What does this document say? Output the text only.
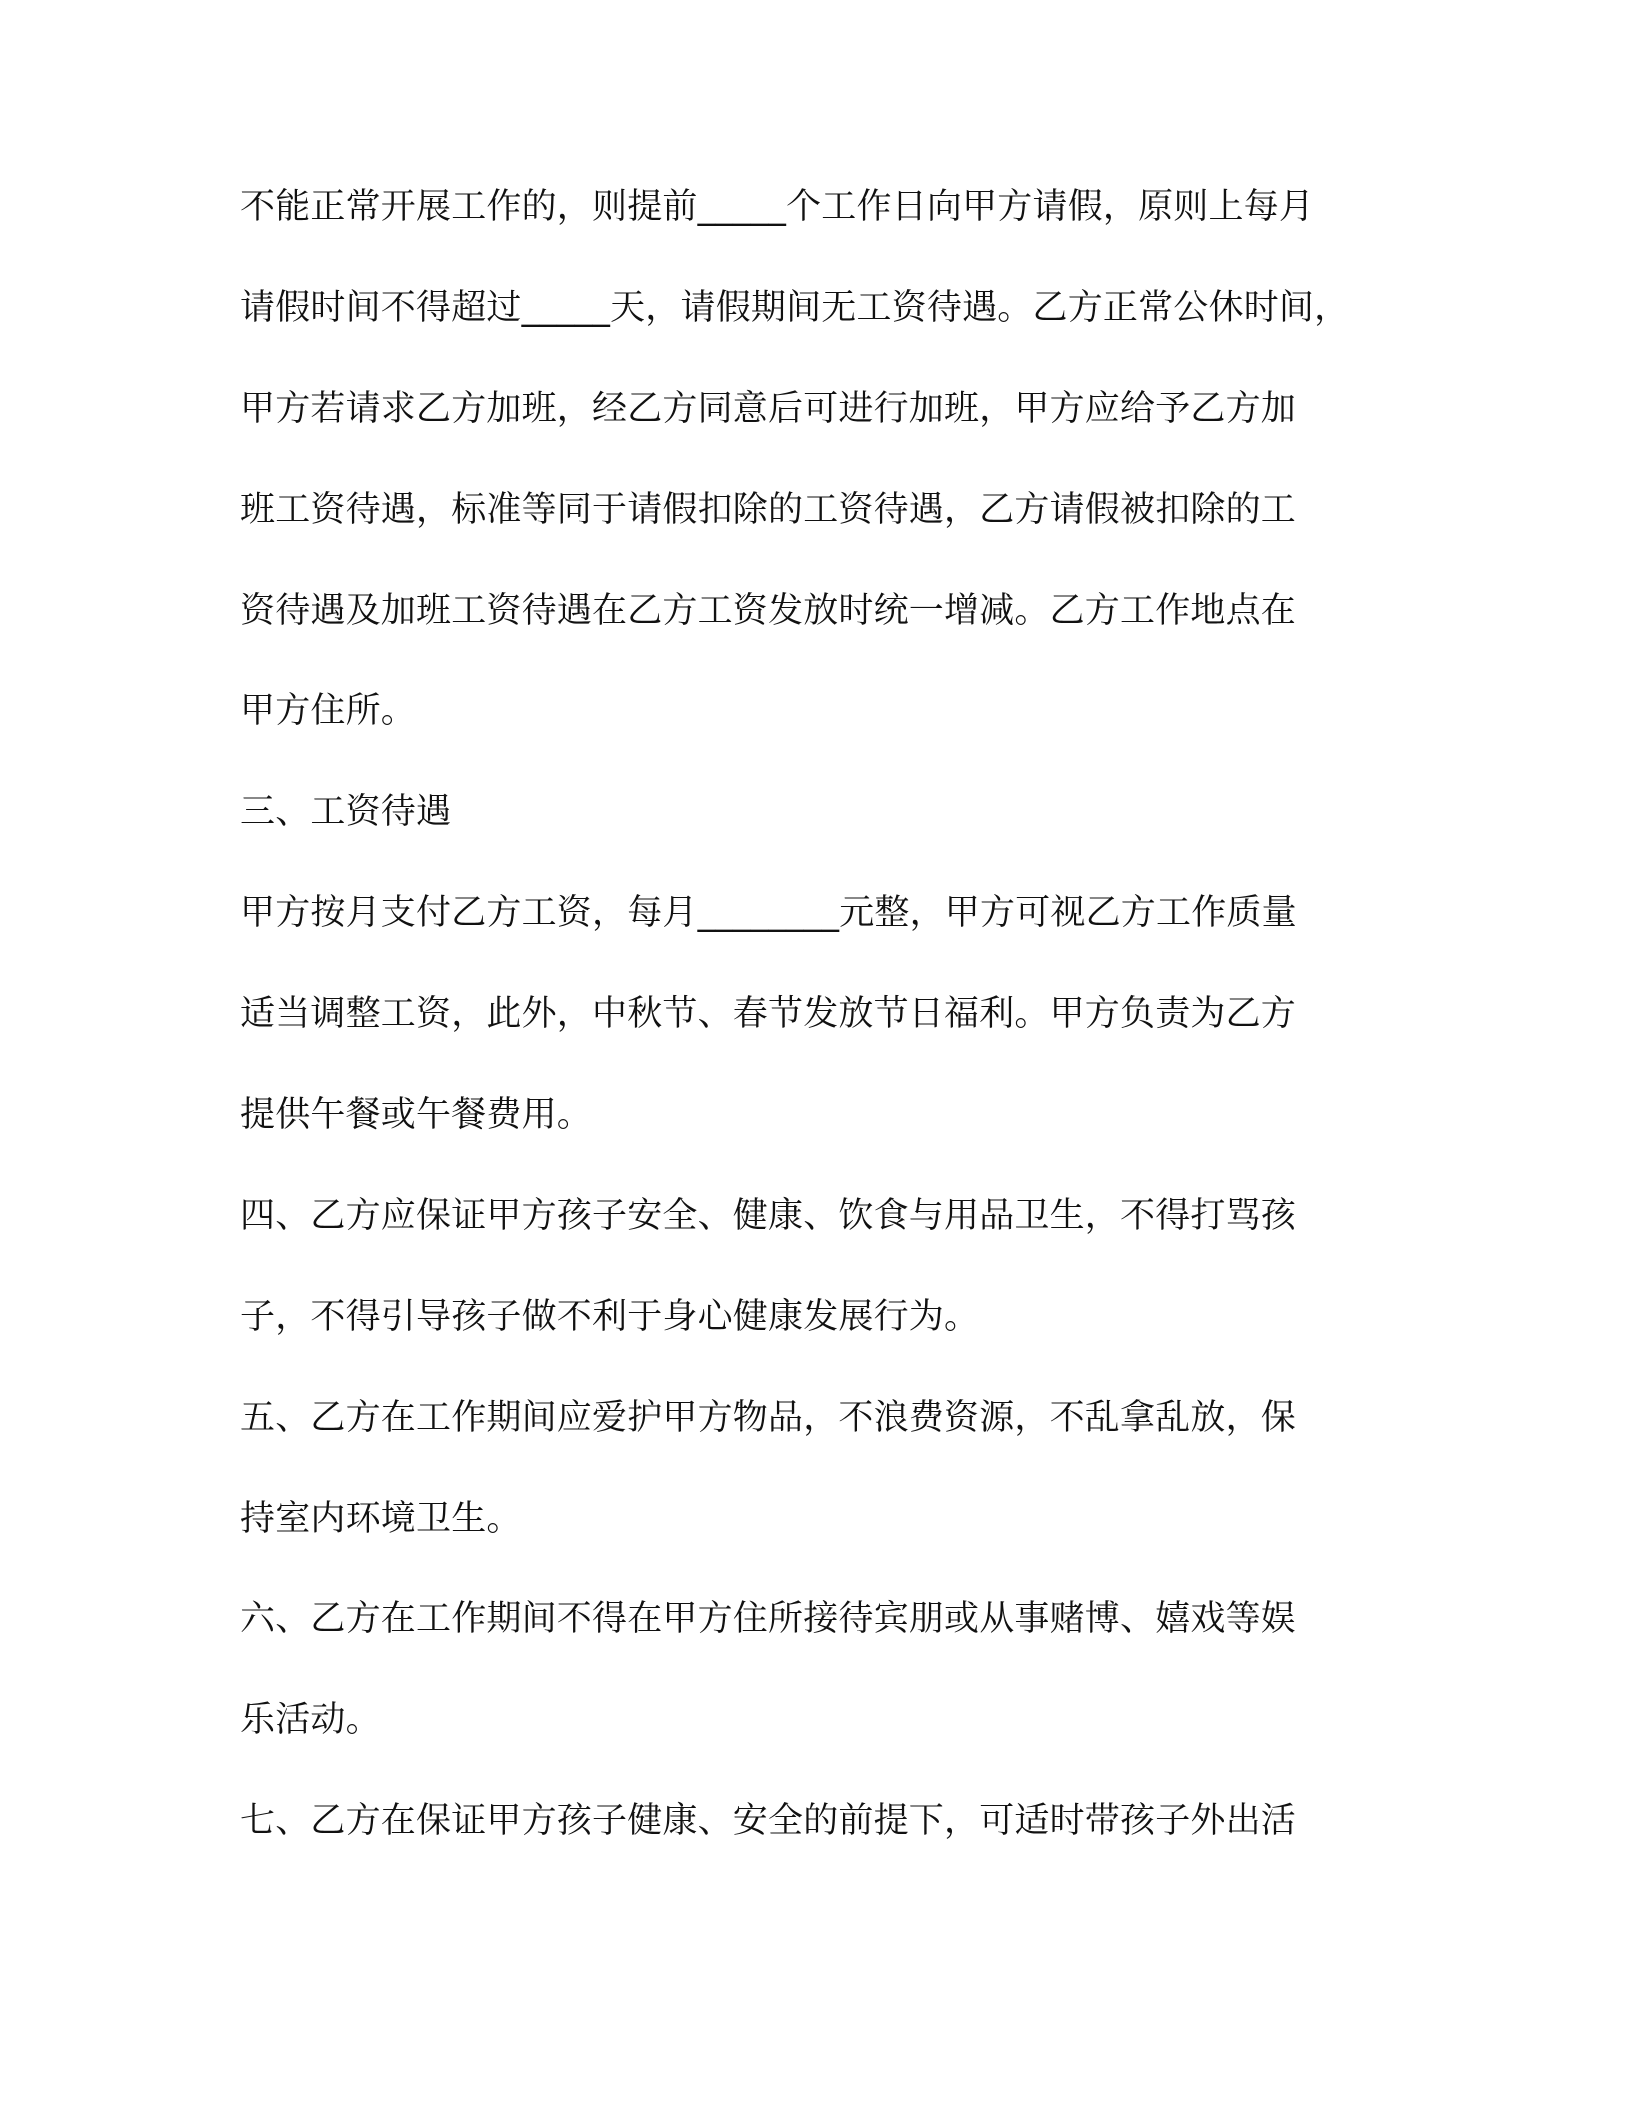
不能正常开展工作的，则提前_____个工作日向甲方请假，原则上每月
请假时间不得超过_____天，请假期间无工资待遇。乙方正常公休时间，
甲方若请求乙方加班，经乙方同意后可进行加班，甲方应给予乙方加
班工资待遇，标准等同于请假扣除的工资待遇，乙方请假被扣除的工
资待遇及加班工资待遇在乙方工资发放时统一增减。乙方工作地点在
甲方住所。
三、工资待遇
甲方按月支付乙方工资，每月________元整，甲方可视乙方工作质量
适当调整工资，此外，中秋节、春节发放节日福利。甲方负责为乙方
提供午餐或午餐费用。
四、乙方应保证甲方孩子安全、健康、饮食与用品卫生，不得打骂孩
子，不得引导孩子做不利于身心健康发展行为。
五、乙方在工作期间应爱护甲方物品，不浪费资源，不乱拿乱放，保
持室内环境卫生。
六、乙方在工作期间不得在甲方住所接待宾朋或从事赌博、嬉戏等娱
乐活动。
七、乙方在保证甲方孩子健康、安全的前提下，可适时带孩子外出活
